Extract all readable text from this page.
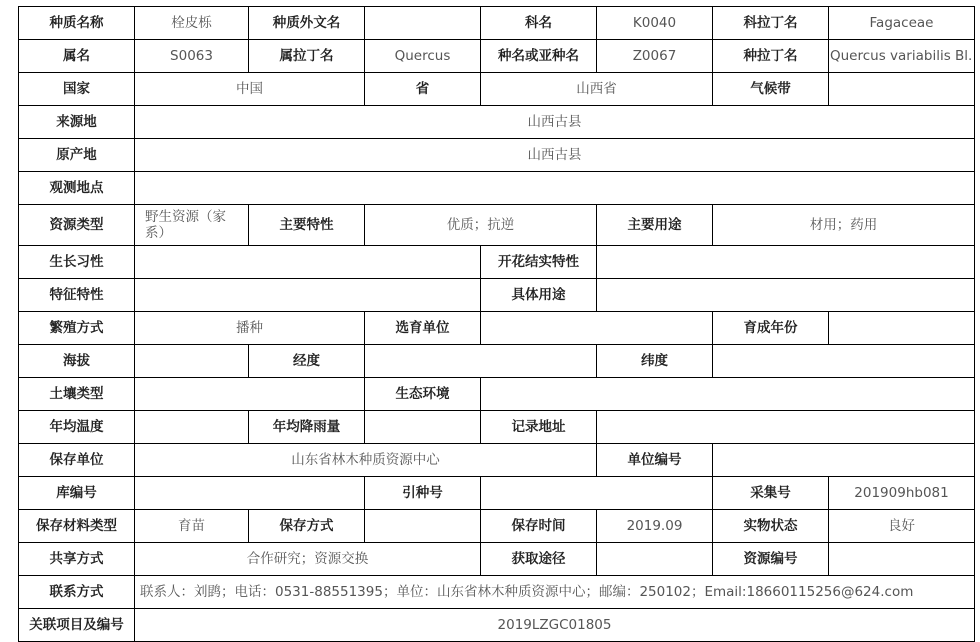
种质名称	栓皮栎	种质外文名		科名	K0040	科拉丁名	Fagaceae
属名	S0063	属拉丁名	Quercus	种名或亚种名	Z0067	种拉丁名	Quercus variabilis Bl.
国家	中国		省	山西省		气候带	
来源地	山西古县						
原产地	山西古县						
观测地点							
资源类型	野生资源（家系）	主要特性	优质；抗逆		主要用途	材用；药用	
生长习性				开花结实特性			
特征特性				具体用途			
繁殖方式	播种		选育单位			育成年份	
海拔		经度			纬度		
土壤类型			生态环境				
年均温度		年均降雨量		记录地址			
保存单位	山东省林木种质资源中心				单位编号		
库编号			引种号			采集号	201909hb081
保存材料类型	育苗	保存方式		保存时间	2019.09	实物状态	良好
共享方式	合作研究；资源交换			获取途径		资源编号	
联系方式	联系人：刘鹍；电话：0531-88551395；单位：山东省林木种质资源中心；邮编：250102；Email:18660115256@624.com						
关联项目及编号	2019LZGC01805						
